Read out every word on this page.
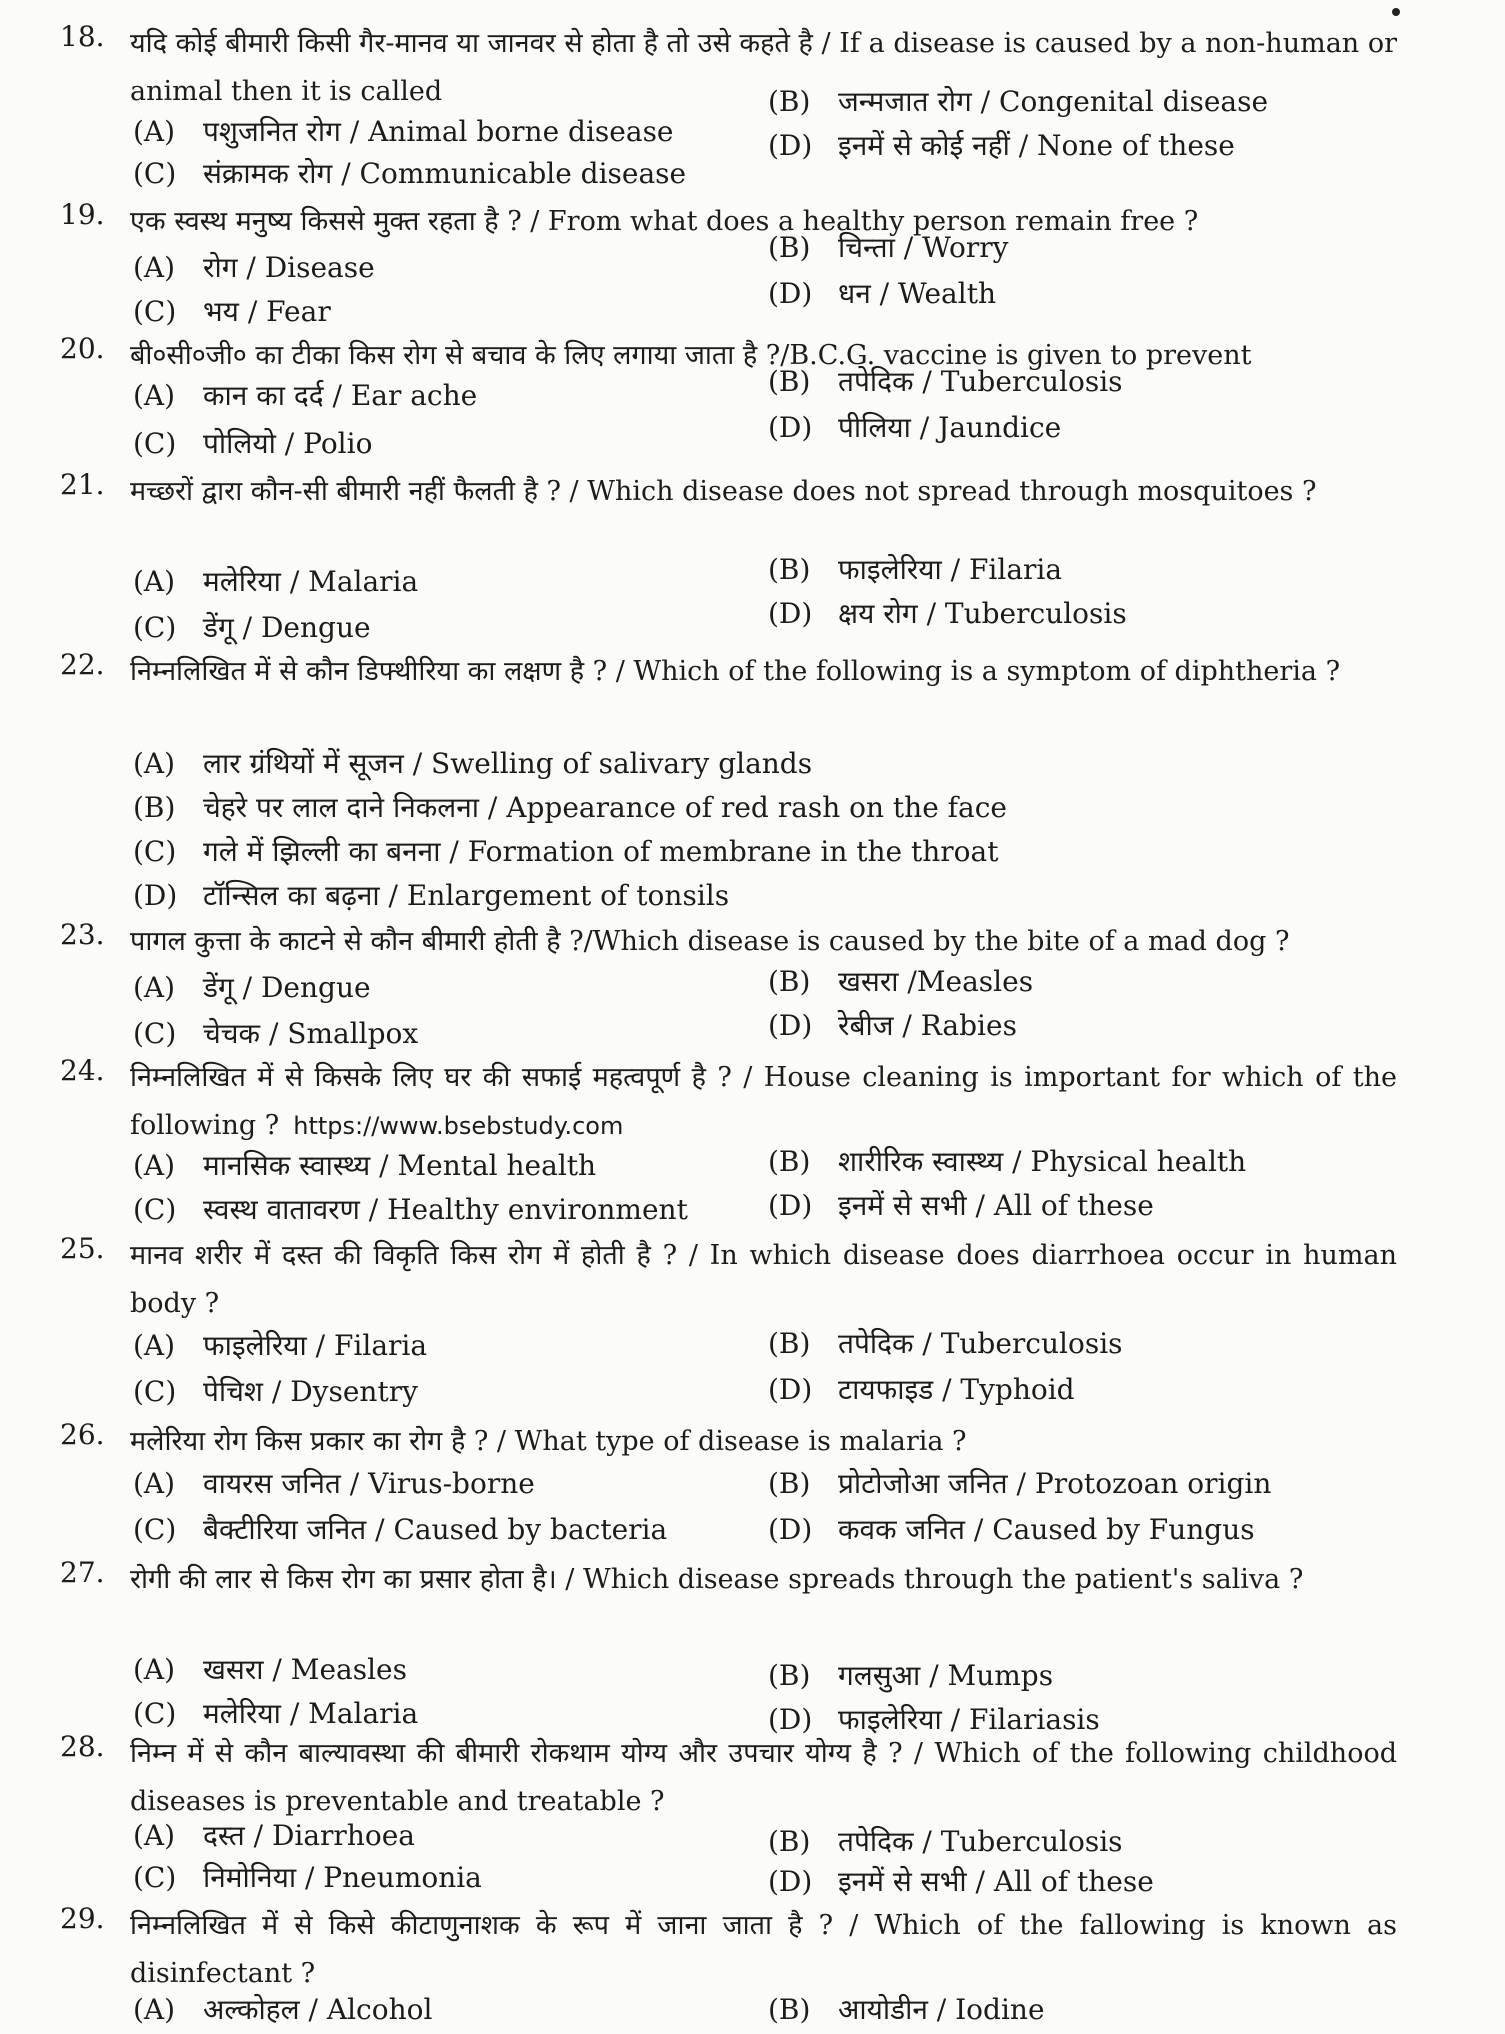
18. यदि कोई बीमारी किसी गैर-मानव या जानवर से होता है तो उसे कहते है / If a disease is caused by a non-human or animal then it is called
(A) पशुजनित रोग / Animal borne disease
(B) जन्मजात रोग / Congenital disease
(C) संक्रामक रोग / Communicable disease
(D) इनमें से कोई नहीं / None of these
19. एक स्वस्थ मनुष्य किससे मुक्त रहता है ? / From what does a healthy person remain free ?
(A) रोग / Disease
(B) चिन्ता / Worry
(C) भय / Fear
(D) धन / Wealth
20. बी०सी०जी० का टीका किस रोग से बचाव के लिए लगाया जाता है ?/B.C.G. vaccine is given to prevent
(A) कान का दर्द / Ear ache	(B) तपेदिक / Tuberculosis
(C) पोलियो / Polio	(D) पीलिया / Jaundice
21. मच्छरों द्वारा कौन-सी बीमारी नहीं फैलती है ? / Which disease does not spread through mosquitoes ?
(A) मलेरिया / Malaria	(B) फाइलेरिया / Filaria
(C) डेंगू / Dengue	(D) क्षय रोग / Tuberculosis
22. निम्नलिखित में से कौन डिफ्थीरिया का लक्षण है ? / Which of the following is a symptom of diphtheria ?
(A) लार ग्रंथियों में सूजन / Swelling of salivary glands
(B) चेहरे पर लाल दाने निकलना / Appearance of red rash on the face
(C) गले में झिल्ली का बनना / Formation of membrane in the throat
(D) टॉन्सिल का बढ़ना / Enlargement of tonsils
23. पागल कुत्ता के काटने से कौन बीमारी होती है ?/Which disease is caused by the bite of a mad dog ?
(A) डेंगू / Dengue	(B) खसरा /Measles
(C) चेचक / Smallpox	(D) रेबीज / Rabies
24. निम्नलिखित में से किसके लिए घर की सफाई महत्वपूर्ण है ? / House cleaning is important for which of the following ? https://www.bsebstudy.com
(A) मानसिक स्वास्थ्य / Mental health	(B) शारीरिक स्वास्थ्य / Physical health
(C) स्वस्थ वातावरण / Healthy environment	(D) इनमें से सभी / All of these
25. मानव शरीर में दस्त की विकृति किस रोग में होती है ? / In which disease does diarrhoea occur in human body ?
(A) फाइलेरिया / Filaria	(B) तपेदिक / Tuberculosis
(C) पेचिश / Dysentry	(D) टायफाइड / Typhoid
26. मलेरिया रोग किस प्रकार का रोग है ? / What type of disease is malaria ?
(A) वायरस जनित / Virus-borne	(B) प्रोटोजोआ जनित / Protozoan origin
(C) बैक्टीरिया जनित / Caused by bacteria	(D) कवक जनित / Caused by Fungus
27. रोगी की लार से किस रोग का प्रसार होता है। / Which disease spreads through the patient's saliva ?
(A) खसरा / Measles	(B) गलसुआ / Mumps
(C) मलेरिया / Malaria	(D) फाइलेरिया / Filariasis
28. निम्न में से कौन बाल्यावस्था की बीमारी रोकथाम योग्य और उपचार योग्य है ? / Which of the following childhood diseases is preventable and treatable ?
(A) दस्त / Diarrhoea	(B) तपेदिक / Tuberculosis
(C) निमोनिया / Pneumonia	(D) इनमें से सभी / All of these
29. निम्नलिखित में से किसे कीटाणुनाशक के रूप में जाना जाता है ? / Which of the fallowing is known as disinfectant ?
(A) अल्कोहल / Alcohol	(B) आयोडीन / Iodine
